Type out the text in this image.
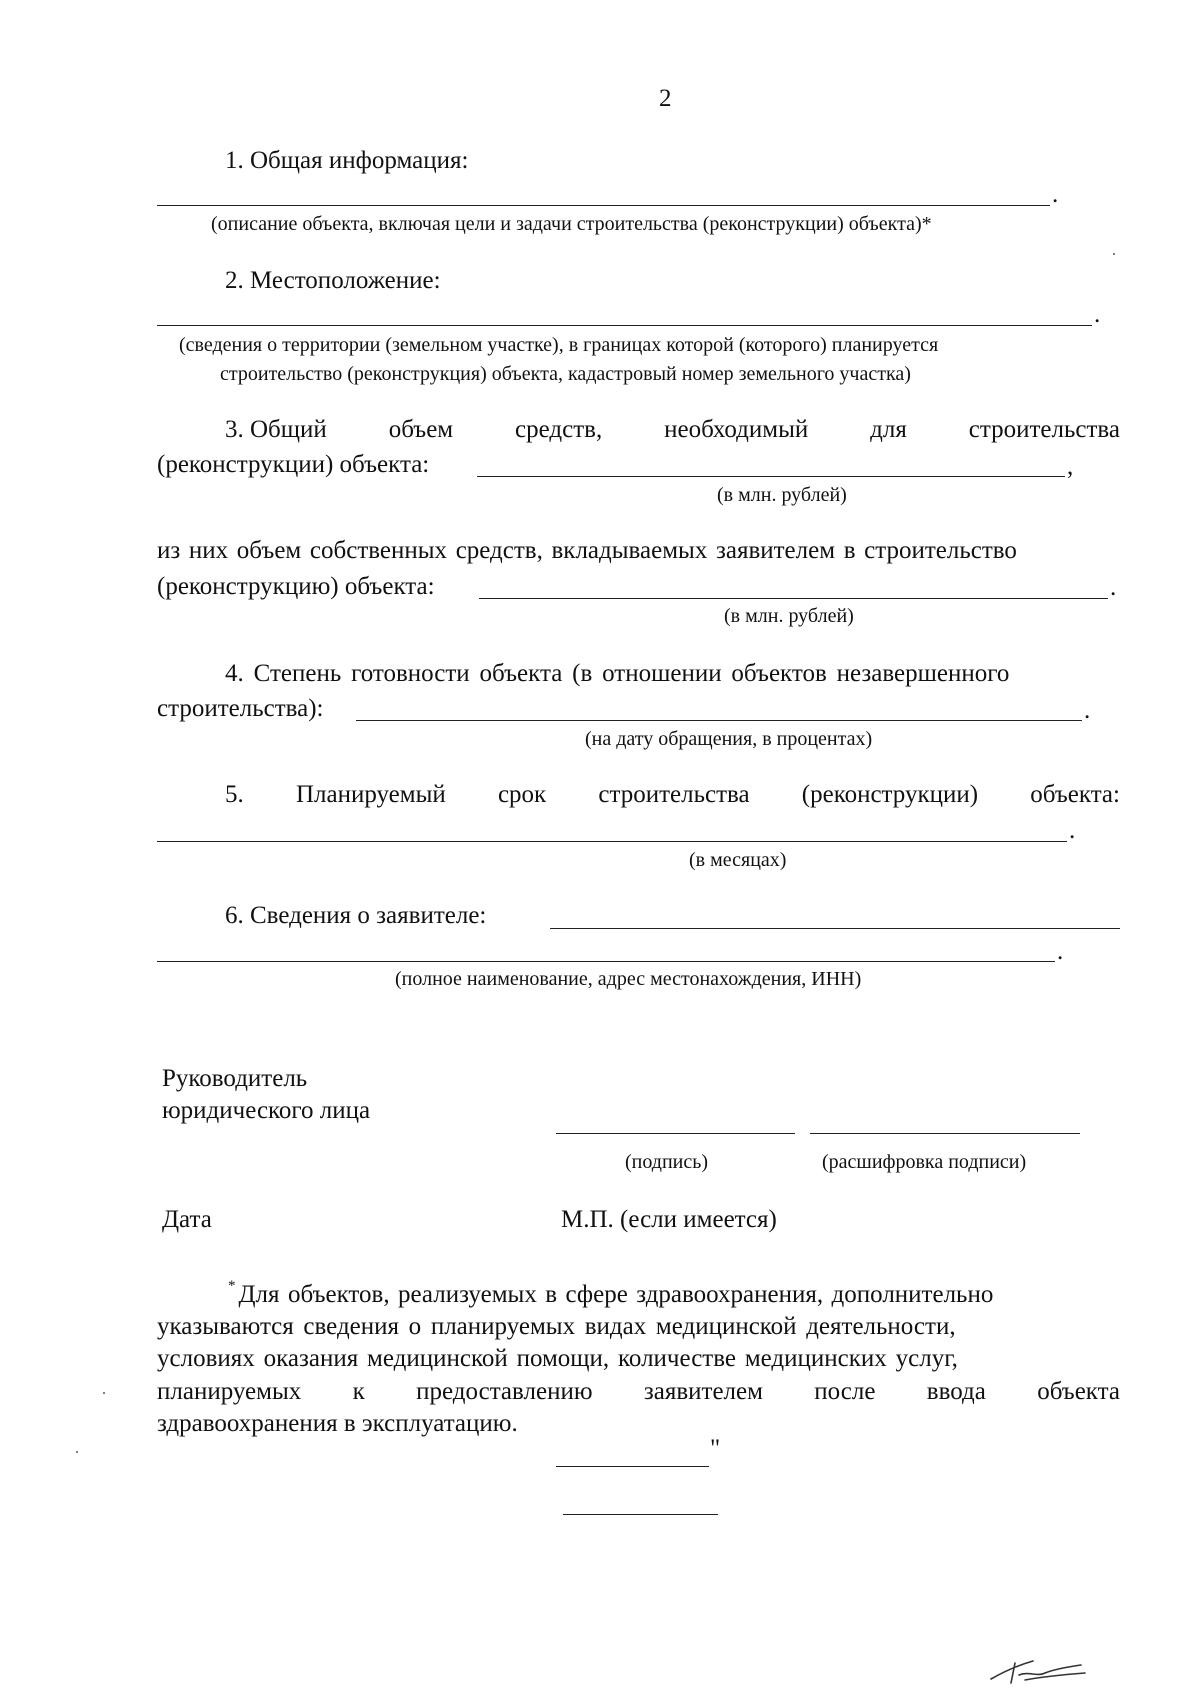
2
1. Общая информация:
.
(описание объекта, включая цели и задачи строительства (реконструкции) объекта)*
2. Местоположение:
.
(сведения о территории (земельном участке), в границах которой (которого) планируется
строительство (реконструкция) объекта, кадастровый номер земельного участка)
3. Общий объем средств, необходимый для строительства
(реконструкции) объекта:	,
(в млн. рублей)
из них объем собственных средств, вкладываемых заявителем в строительство
(реконструкцию) объекта:	.
(в млн. рублей)
4. Степень готовности объекта (в отношении объектов незавершенного
строительства):	.
(на дату обращения, в процентах)
5. Планируемый срок строительства (реконструкции) объекта:
.
(в месяцах)
6. Сведения о заявителе:
.
(полное наименование, адрес местонахождения, ИНН)
Руководитель
юридического лица
(подпись)	(расшифровка подписи)
Дата	М.П. (если имеется)
* Для объектов, реализуемых в сфере здравоохранения, дополнительно
указываются сведения о планируемых видах медицинской деятельности,
условиях оказания медицинской помощи, количестве медицинских услуг,
планируемых к предоставлению заявителем после ввода объекта
здравоохранения в эксплуатацию.
"
